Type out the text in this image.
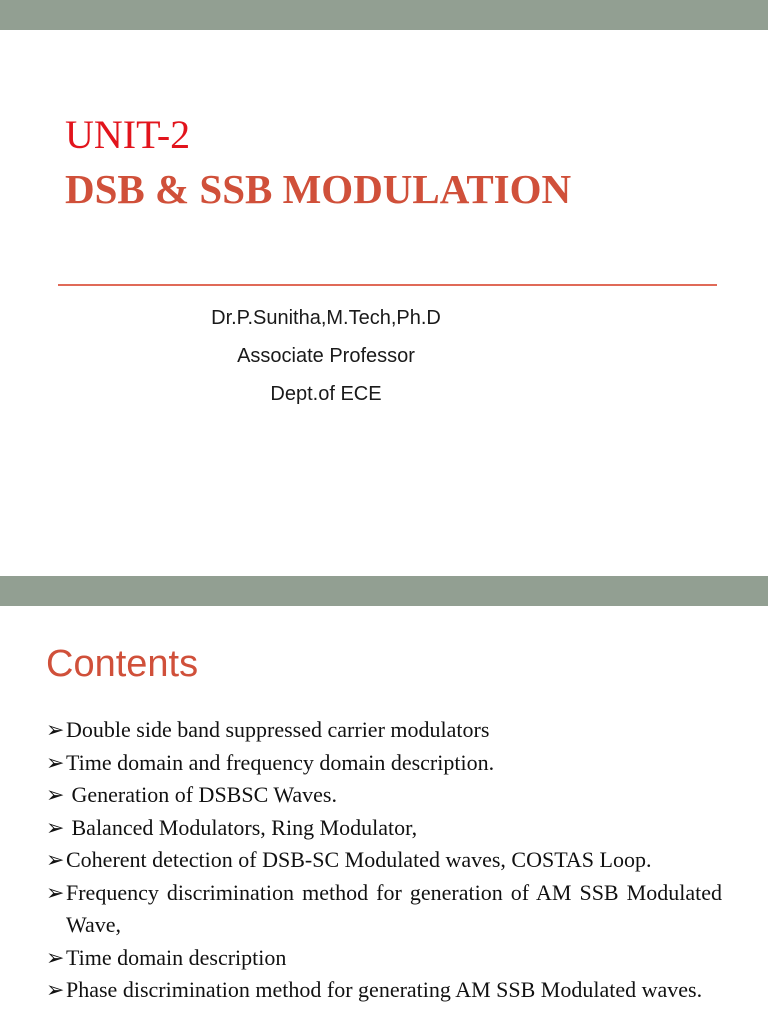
UNIT-2
DSB & SSB MODULATION
Dr.P.Sunitha,M.Tech,Ph.D
Associate Professor
Dept.of ECE
Contents
➢Double side band suppressed carrier modulators
➢Time domain and frequency domain description.
➢ Generation of DSBSC Waves.
➢ Balanced Modulators, Ring Modulator,
➢Coherent detection of DSB-SC Modulated waves, COSTAS Loop.
➢Frequency discrimination method for generation of AM SSB Modulated Wave,
➢Time domain description
➢Phase discrimination method for generating AM SSB Modulated waves.
